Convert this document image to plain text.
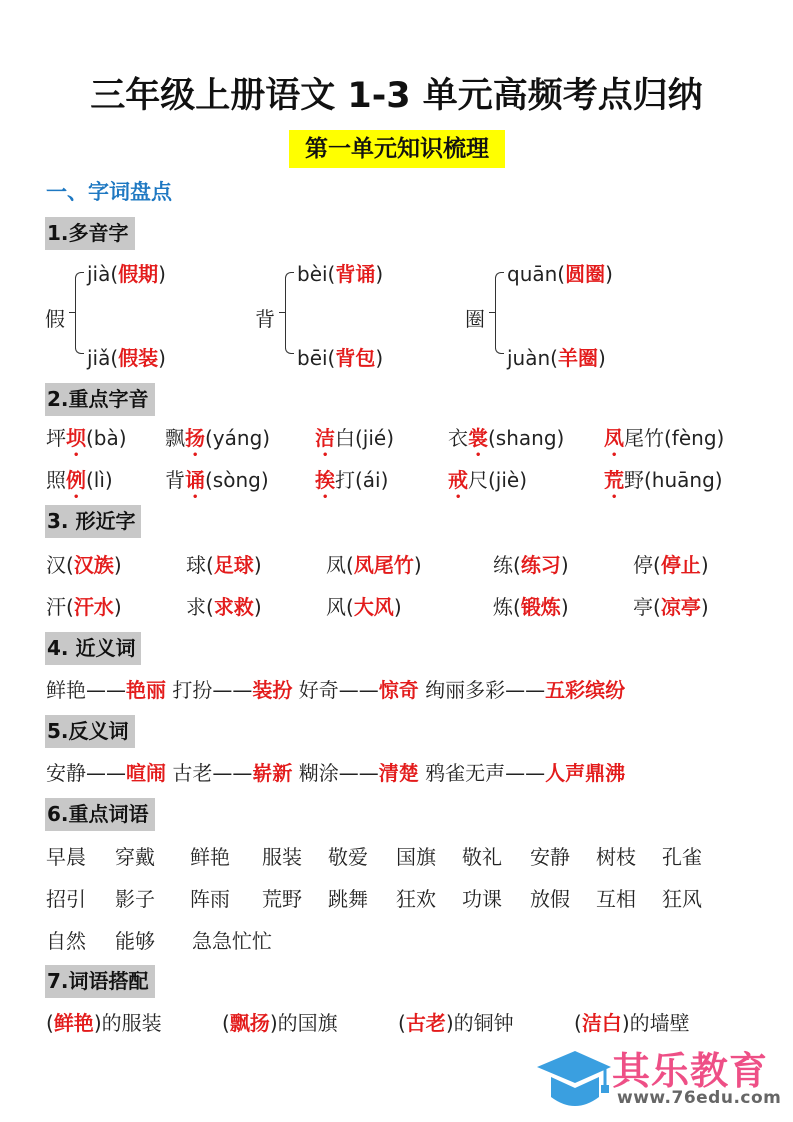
三年级上册语文 1-3 单元高频考点归纳
第一单元知识梳理
一、字词盘点
1.多音字
假
jià(假期)
jiǎ(假装)
背
bèi(背诵)
bēi(背包)
圈
quān(圆圈)
juàn(羊圈)
2.重点字音
3. 形近字
4. 近义词
5.反义词
6.重点词语
7.词语搭配
坪坝(bà) 飘扬(yáng) 洁白(jié)	衣裳(shang) 凤尾竹(fèng)
照例(lì)	背诵(sòng) 挨打(ái)	戒尺(jiè)	荒野(huāng)
汉(汉族)	球(足球)	凤(凤尾竹)	练(练习)	停(停止)
汗(汗水)	求(求救)	风(大风)	炼(锻炼)	亭(凉亭)
鲜艳——艳丽 打扮——装扮 好奇——惊奇 绚丽多彩——五彩缤纷
安静——喧闹 古老——崭新 糊涂——清楚 鸦雀无声——人声鼎沸
早晨 穿戴 鲜艳 服装 敬爱 国旗 敬礼 安静 树枝 孔雀
招引 影子 阵雨 荒野 跳舞 狂欢 功课 放假 互相 狂风
自然 能够 急急忙忙
(鲜艳)的服装	(飘扬)的国旗	(古老)的铜钟	(洁白)的墙壁
其乐教育
www.76edu.com
